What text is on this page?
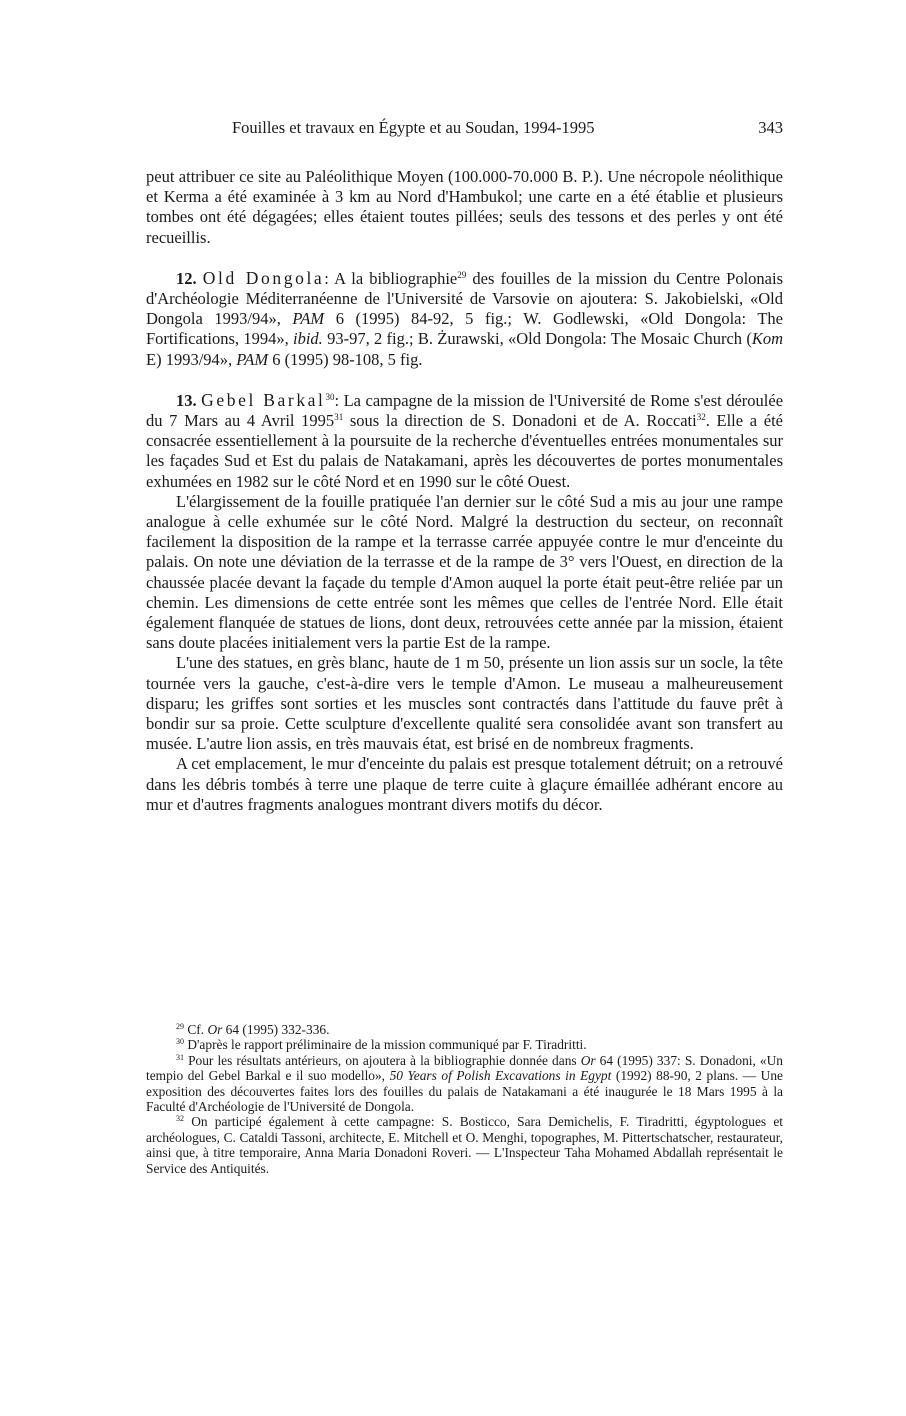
Fouilles et travaux en Égypte et au Soudan, 1994-1995	343

peut attribuer ce site au Paléolithique Moyen (100.000-70.000 B. P.). Une nécropole néolithique et Kerma a été examinée à 3 km au Nord d'Hambukol; une carte en a été établie et plusieurs tombes ont été dégagées; elles étaient toutes pillées; seuls des tessons et des perles y ont été recueillis.

12. Old Dongola: A la bibliographie$^{29}$ des fouilles de la mission du Centre Polonais d'Archéologie Méditerranéenne de l'Université de Varsovie on ajoutera: S. Jakobielski, «Old Dongola 1993/94», PAM 6 (1995) 84-92, 5 fig.; W. Godlewski, «Old Dongola: The Fortifications, 1994», ibid. 93-97, 2 fig.; B. Żurawski, «Old Dongola: The Mosaic Church (Kom E) 1993/94», PAM 6 (1995) 98-108, 5 fig.

13. Gebel Barkal$^{30}$: La campagne de la mission de l'Université de Rome s'est déroulée du 7 Mars au 4 Avril 1995$^{31}$ sous la direction de S. Donadoni et de A. Roccati$^{32}$. Elle a été consacrée essentiellement à la poursuite de la recherche d'éventuelles entrées monumentales sur les façades Sud et Est du palais de Natakamani, après les découvertes de portes monumentales exhumées en 1982 sur le côté Nord et en 1990 sur le côté Ouest.

L'élargissement de la fouille pratiquée l'an dernier sur le côté Sud a mis au jour une rampe analogue à celle exhumée sur le côté Nord. Malgré la destruction du secteur, on reconnaît facilement la disposition de la rampe et la terrasse carrée appuyée contre le mur d'enceinte du palais. On note une déviation de la terrasse et de la rampe de 3° vers l'Ouest, en direction de la chaussée placée devant la façade du temple d'Amon auquel la porte était peut-être reliée par un chemin. Les dimensions de cette entrée sont les mêmes que celles de l'entrée Nord. Elle était également flanquée de statues de lions, dont deux, retrouvées cette année par la mission, étaient sans doute placées initialement vers la partie Est de la rampe.

L'une des statues, en grès blanc, haute de 1 m 50, présente un lion assis sur un socle, la tête tournée vers la gauche, c'est-à-dire vers le temple d'Amon. Le museau a malheureusement disparu; les griffes sont sorties et les muscles sont contractés dans l'attitude du fauve prêt à bondir sur sa proie. Cette sculpture d'excellente qualité sera consolidée avant son transfert au musée. L'autre lion assis, en très mauvais état, est brisé en de nombreux fragments.

A cet emplacement, le mur d'enceinte du palais est presque totalement détruit; on a retrouvé dans les débris tombés à terre une plaque de terre cuite à glaçure émaillée adhérant encore au mur et d'autres fragments analogues montrant divers motifs du décor.

$^{29}$ Cf. Or 64 (1995) 332-336.

$^{30}$ D'après le rapport préliminaire de la mission communiqué par F. Tiradritti.

$^{31}$ Pour les résultats antérieurs, on ajoutera à la bibliographie donnée dans Or 64 (1995) 337: S. Donadoni, «Un tempio del Gebel Barkal e il suo modello», 50 Years of Polish Excavations in Egypt (1992) 88-90, 2 plans. — Une exposition des découvertes faites lors des fouilles du palais de Natakamani a été inaugurée le 18 Mars 1995 à la Faculté d'Archéologie de l'Université de Dongola.

$^{32}$ On participé également à cette campagne: S. Bosticco, Sara Demichelis, F. Tiradritti, égyptologues et archéologues, C. Cataldi Tassoni, architecte, E. Mitchell et O. Menghi, topographes, M. Pittertschatscher, restaurateur, ainsi que, à titre temporaire, Anna Maria Donadoni Roveri. — L'Inspecteur Taha Mohamed Abdallah représentait le Service des Antiquités.
